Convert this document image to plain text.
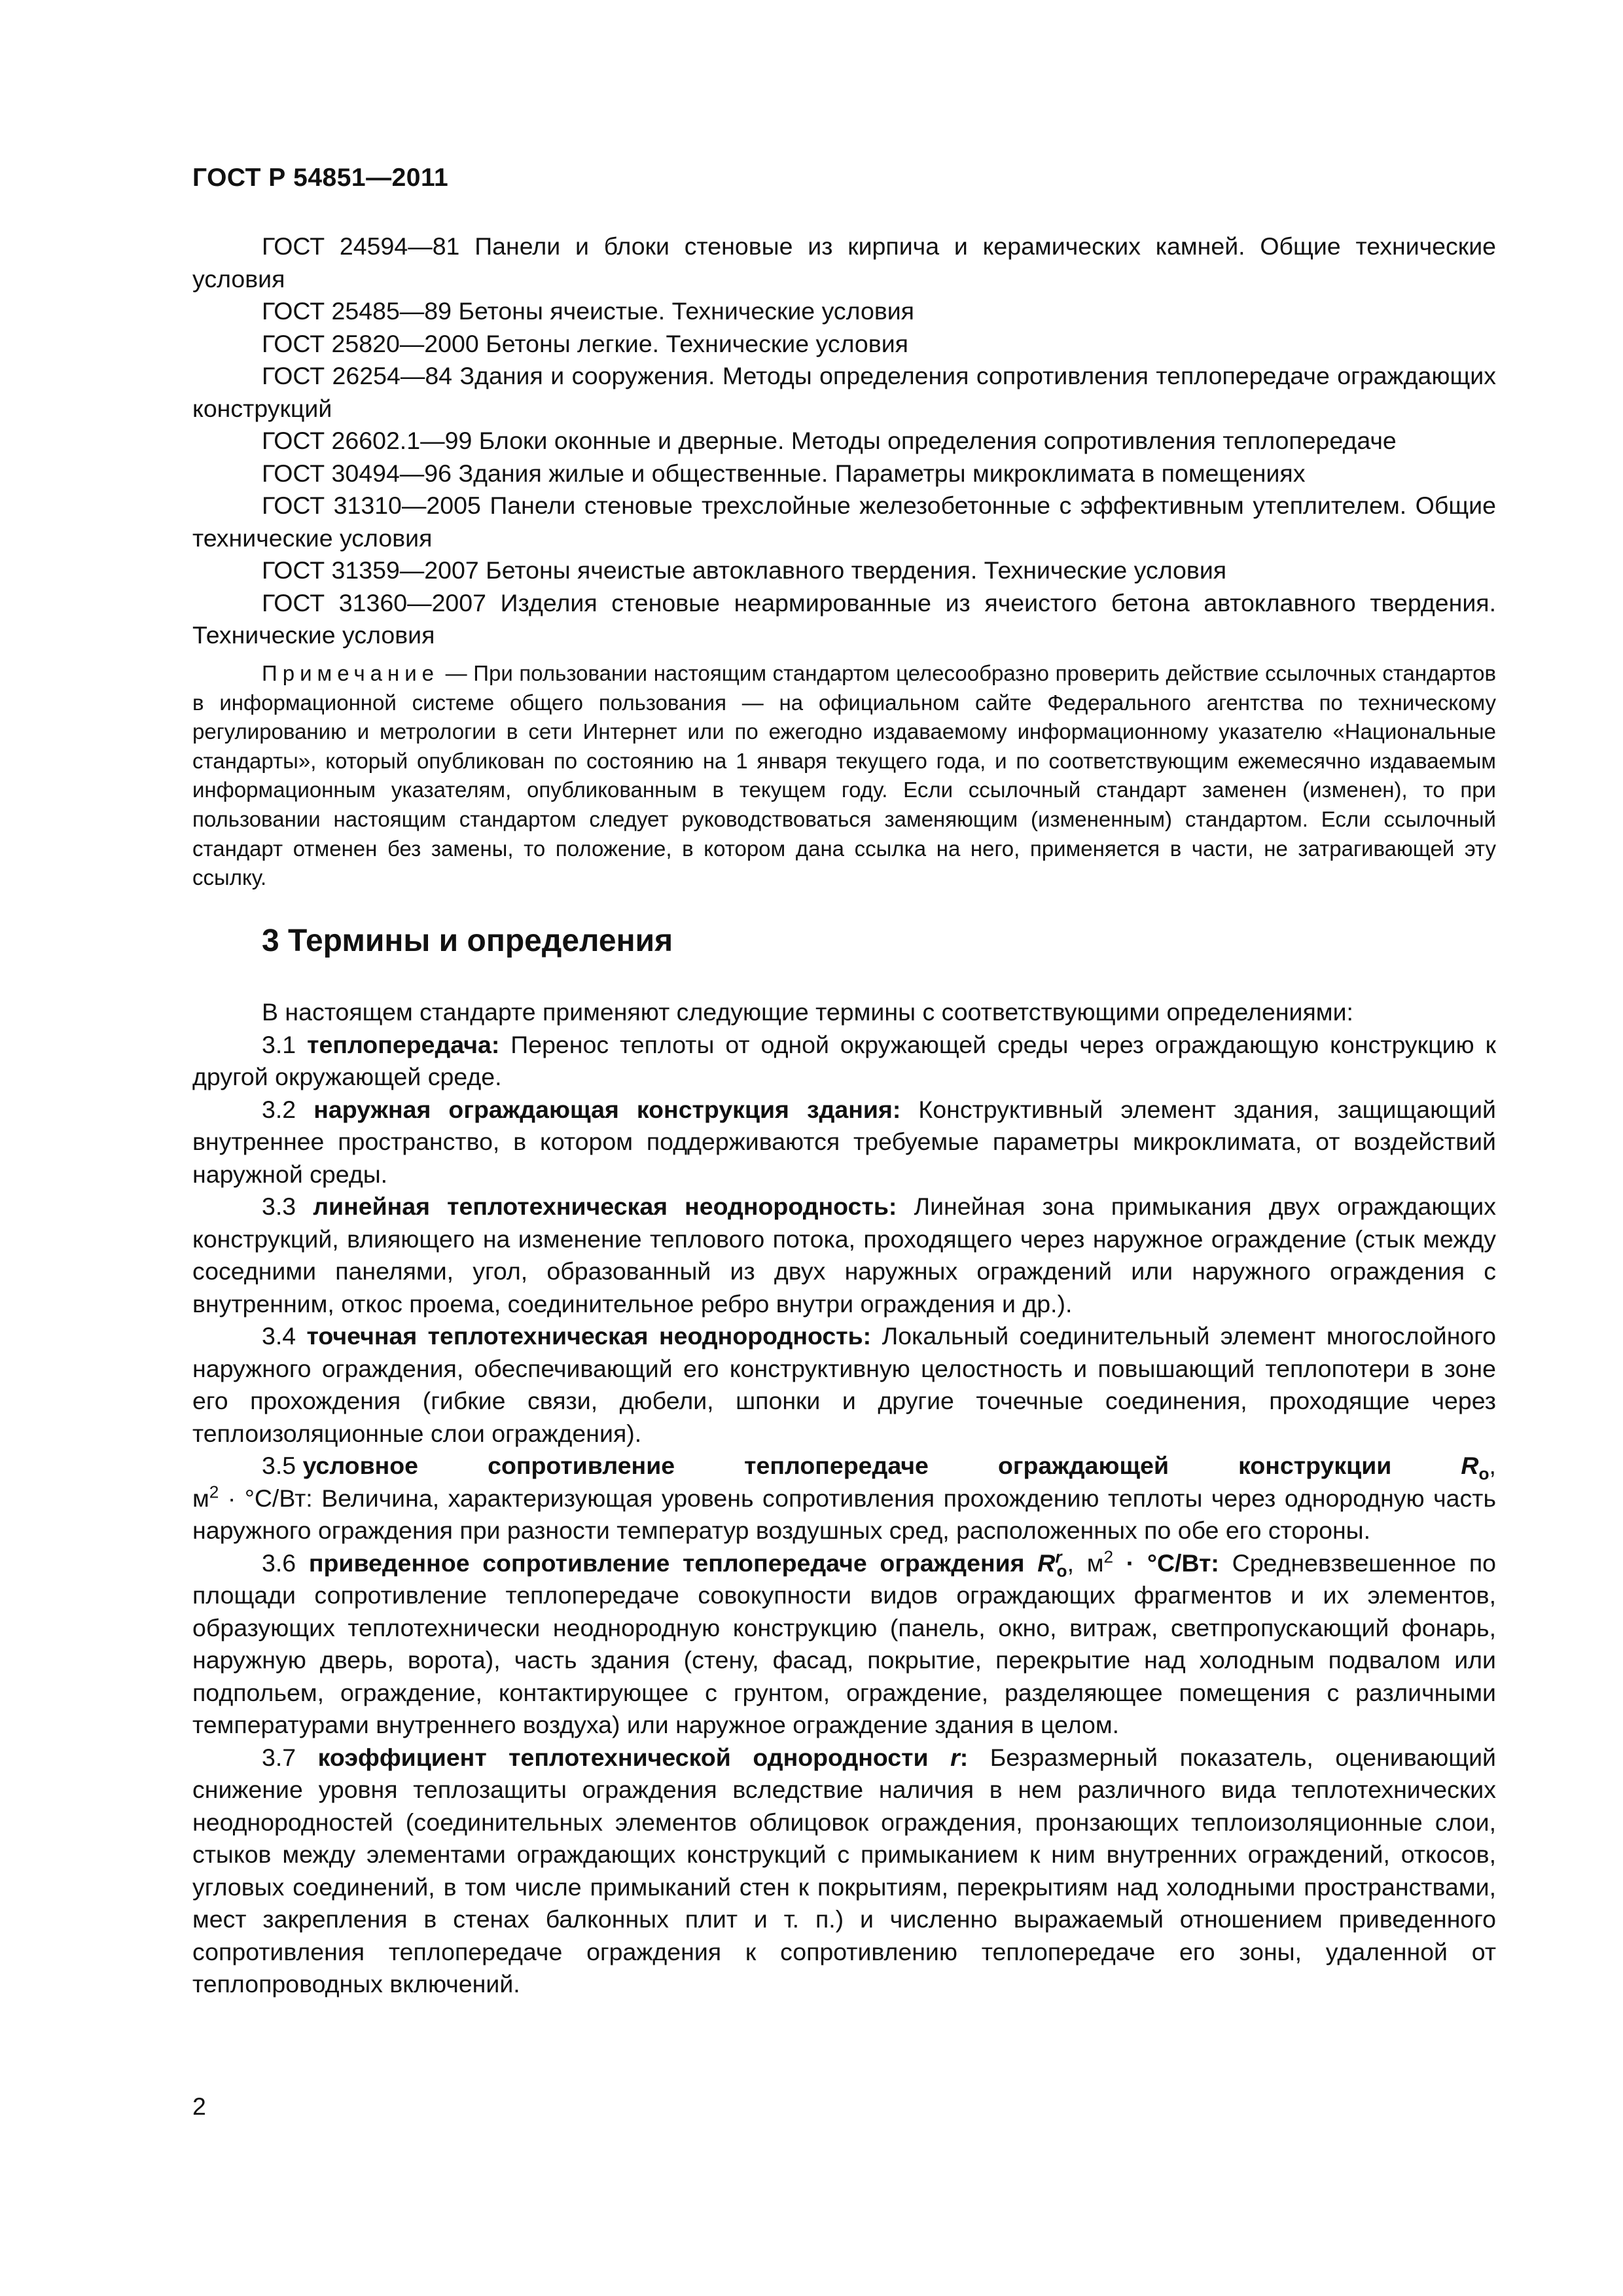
ГОСТ Р 54851—2011

ГОСТ 24594—81 Панели и блоки стеновые из кирпича и керамических камней. Общие технические условия

ГОСТ 25485—89 Бетоны ячеистые. Технические условия

ГОСТ 25820—2000 Бетоны легкие. Технические условия

ГОСТ 26254—84 Здания и сооружения. Методы определения сопротивления теплопередаче ограждающих конструкций

ГОСТ 26602.1—99 Блоки оконные и дверные. Методы определения сопротивления теплопередаче

ГОСТ 30494—96 Здания жилые и общественные. Параметры микроклимата в помещениях

ГОСТ 31310—2005 Панели стеновые трехслойные железобетонные с эффективным утеплителем. Общие технические условия

ГОСТ 31359—2007 Бетоны ячеистые автоклавного твердения. Технические условия

ГОСТ 31360—2007 Изделия стеновые неармированные из ячеистого бетона автоклавного твердения. Технические условия

Примечание — При пользовании настоящим стандартом целесообразно проверить действие ссылочных стандартов в информационной системе общего пользования — на официальном сайте Федерального агентства по техническому регулированию и метрологии в сети Интернет или по ежегодно издаваемому информационному указателю «Национальные стандарты», который опубликован по состоянию на 1 января текущего года, и по соответствующим ежемесячно издаваемым информационным указателям, опубликованным в текущем году. Если ссылочный стандарт заменен (изменен), то при пользовании настоящим стандартом следует руководствоваться заменяющим (измененным) стандартом. Если ссылочный стандарт отменен без замены, то положение, в котором дана ссылка на него, применяется в части, не затрагивающей эту ссылку.

3 Термины и определения

В настоящем стандарте применяют следующие термины с соответствующими определениями:

3.1 теплопередача: Перенос теплоты от одной окружающей среды через ограждающую конструкцию к другой окружающей среде.

3.2 наружная ограждающая конструкция здания: Конструктивный элемент здания, защищающий внутреннее пространство, в котором поддерживаются требуемые параметры микроклимата, от воздействий наружной среды.

3.3 линейная теплотехническая неоднородность: Линейная зона примыкания двух ограждающих конструкций, влияющего на изменение теплового потока, проходящего через наружное ограждение (стык между соседними панелями, угол, образованный из двух наружных ограждений или наружного ограждения с внутренним, откос проема, соединительное ребро внутри ограждения и др.).

3.4 точечная теплотехническая неоднородность: Локальный соединительный элемент многослойного наружного ограждения, обеспечивающий его конструктивную целостность и повышающий теплопотери в зоне его прохождения (гибкие связи, дюбели, шпонки и другие точечные соединения, проходящие через теплоизоляционные слои ограждения).

3.5 условное	сопротивление	теплопередаче	ограждающей	конструкции	$R_o$,
$м^2 \cdot ^\circ С/Вт$: Величина, характеризующая уровень сопротивления прохождению теплоты через однородную часть наружного ограждения при разности температур воздушных сред, расположенных по обе его стороны.

3.6 приведенное сопротивление теплопередаче ограждения $R^r_o$, $м^2 \cdot ^\circ С/Вт$: Средневзвешенное по площади сопротивление теплопередаче совокупности видов ограждающих фрагментов и их элементов, образующих теплотехнически неоднородную конструкцию (панель, окно, витраж, светпропускающий фонарь, наружную дверь, ворота), часть здания (стену, фасад, покрытие, перекрытие над холодным подвалом или подпольем, ограждение, контактирующее с грунтом, ограждение, разделяющее помещения с различными температурами внутреннего воздуха) или наружное ограждение здания в целом.

3.7 коэффициент теплотехнической однородности r: Безразмерный показатель, оценивающий снижение уровня теплозащиты ограждения вследствие наличия в нем различного вида теплотехнических неоднородностей (соединительных элементов облицовок ограждения, пронзающих теплоизоляционные слои, стыков между элементами ограждающих конструкций с примыканием к ним внутренних ограждений, откосов, угловых соединений, в том числе примыканий стен к покрытиям, перекрытиям над холодными пространствами, мест закрепления в стенах балконных плит и т. п.) и численно выражаемый отношением приведенного сопротивления теплопередаче ограждения к сопротивлению теплопередаче его зоны, удаленной от теплопроводных включений.

2
